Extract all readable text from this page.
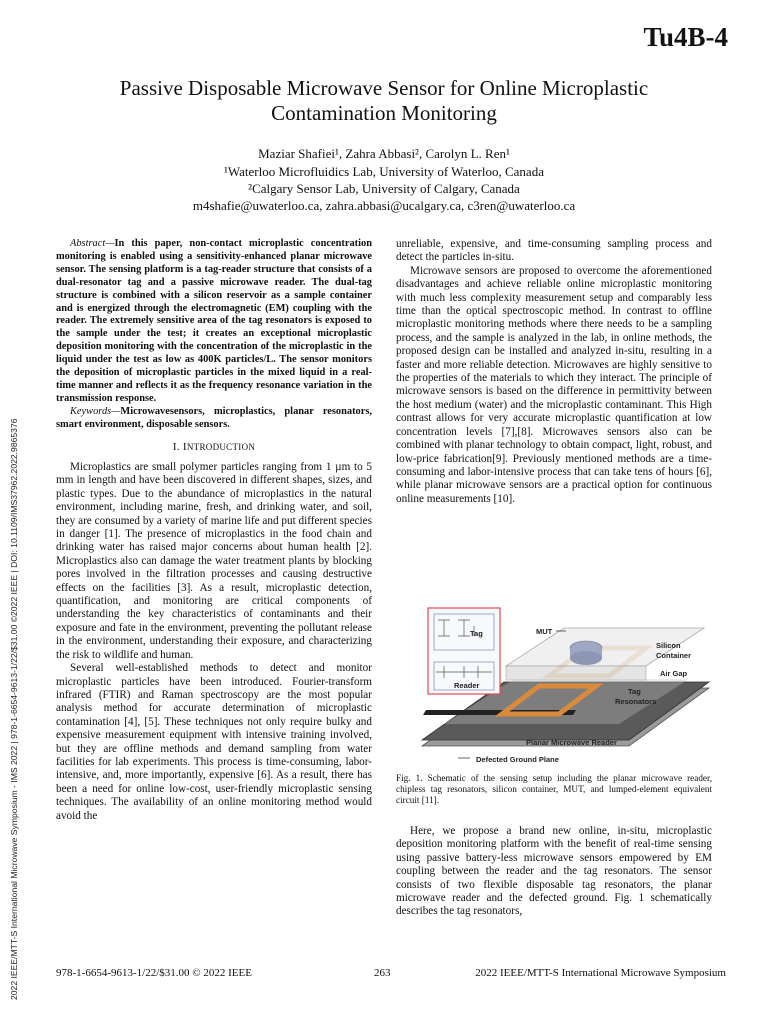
Tu4B-4
Passive Disposable Microwave Sensor for Online Microplastic Contamination Monitoring
Maziar Shafiei¹, Zahra Abbasi², Carolyn L. Ren¹
¹Waterloo Microfluidics Lab, University of Waterloo, Canada
²Calgary Sensor Lab, University of Calgary, Canada
m4shafie@uwaterloo.ca, zahra.abbasi@ucalgary.ca, c3ren@uwaterloo.ca
2022 IEEE/MTT-S International Microwave Symposium - IMS 2022 | 978-1-6654-9613-1/22/$31.00 ©2022 IEEE | DOI: 10.1109/IMS37962.2022.9865376

Abstract—In this paper, non-contact microplastic concentration monitoring is enabled using a sensitivity-enhanced planar microwave sensor. The sensing platform is a tag-reader structure that consists of a dual-resonator tag and a passive microwave reader. The dual-tag structure is combined with a silicon reservoir as a sample container and is energized through the electromagnetic (EM) coupling with the reader. The extremely sensitive area of the tag resonators is exposed to the sample under the test; it creates an exceptional microplastic deposition monitoring with the concentration of the microplastic in the liquid under the test as low as 400K particles/L. The sensor monitors the deposition of microplastic particles in the mixed liquid in a real-time manner and reflects it as the frequency resonance variation in the transmission response.

Keywords—Microwavesensors, microplastics, planar resonators, smart environment, disposable sensors.

I. INTRODUCTION

Microplastics are small polymer particles ranging from 1 µm to 5 mm in length and have been discovered in different shapes, sizes, and plastic types. Due to the abundance of microplastics in the natural environment, including marine, fresh, and drinking water, and soil, they are consumed by a variety of marine life and put different species in danger [1]. The presence of microplastics in the food chain and drinking water has raised major concerns about human health [2]. Microplastics also can damage the water treatment plants by blocking pores involved in the filtration processes and causing destructive effects on the facilities [3]. As a result, microplastic detection, quantification, and monitoring are critical components of understanding the key characteristics of contaminants and their exposure and fate in the environment, preventing the pollutant release in the environment, understanding their exposure, and characterizing the risk to wildlife and human.

Several well-established methods to detect and monitor microplastic particles have been introduced. Fourier-transform infrared (FTIR) and Raman spectroscopy are the most popular analysis method for accurate determination of microplastic contamination [4], [5]. These techniques not only require bulky and expensive measurement equipment with intensive training involved, but they are offline methods and demand sampling from water facilities for lab experiments. This process is time-consuming, labor-intensive, and, more importantly, expensive [6]. As a result, there has been a need for online low-cost, user-friendly microplastic sensing techniques. The availability of an online monitoring method would avoid the

unreliable, expensive, and time-consuming sampling process and detect the particles in-situ.

Microwave sensors are proposed to overcome the aforementioned disadvantages and achieve reliable online microplastic monitoring with much less complexity measurement setup and comparably less time than the optical spectroscopic method. In contrast to offline microplastic monitoring methods where there needs to be a sampling process, and the sample is analyzed in the lab, in online methods, the proposed design can be installed and analyzed in-situ, resulting in a faster and more reliable detection. Microwaves are highly sensitive to the properties of the materials to which they interact. The principle of microwave sensors is based on the difference in permittivity between the host medium (water) and the microplastic contaminant. This High contrast allows for very accurate microplastic quantification at low concentration levels [7],[8]. Microwaves sensors also can be combined with planar technology to obtain compact, light, robust, and low-price fabrication[9]. Previously mentioned methods are a time-consuming and labor-intensive process that can take tens of hours [6], while planar microwave sensors are a practical option for continuous online measurements [10].

Tag
Reader
MUT
Silicon
Container
Air Gap
Tag
Resonators
Planar Microwave Reader
Defected Ground Plane
Fig. 1. Schematic of the sensing setup including the planar microwave reader, chipless tag resonators, silicon container, MUT, and lumped-element equivalent circuit [11].

Here, we propose a brand new online, in-situ, microplastic deposition monitoring platform with the benefit of real-time sensing using passive battery-less microwave sensors empowered by EM coupling between the reader and the tag resonators. The sensor consists of two flexible disposable tag resonators, the planar microwave reader and the defected ground. Fig. 1 schematically describes the tag resonators,

978-1-6654-9613-1/22/$31.00 © 2022 IEEE	263	2022 IEEE/MTT-S International Microwave Symposium
